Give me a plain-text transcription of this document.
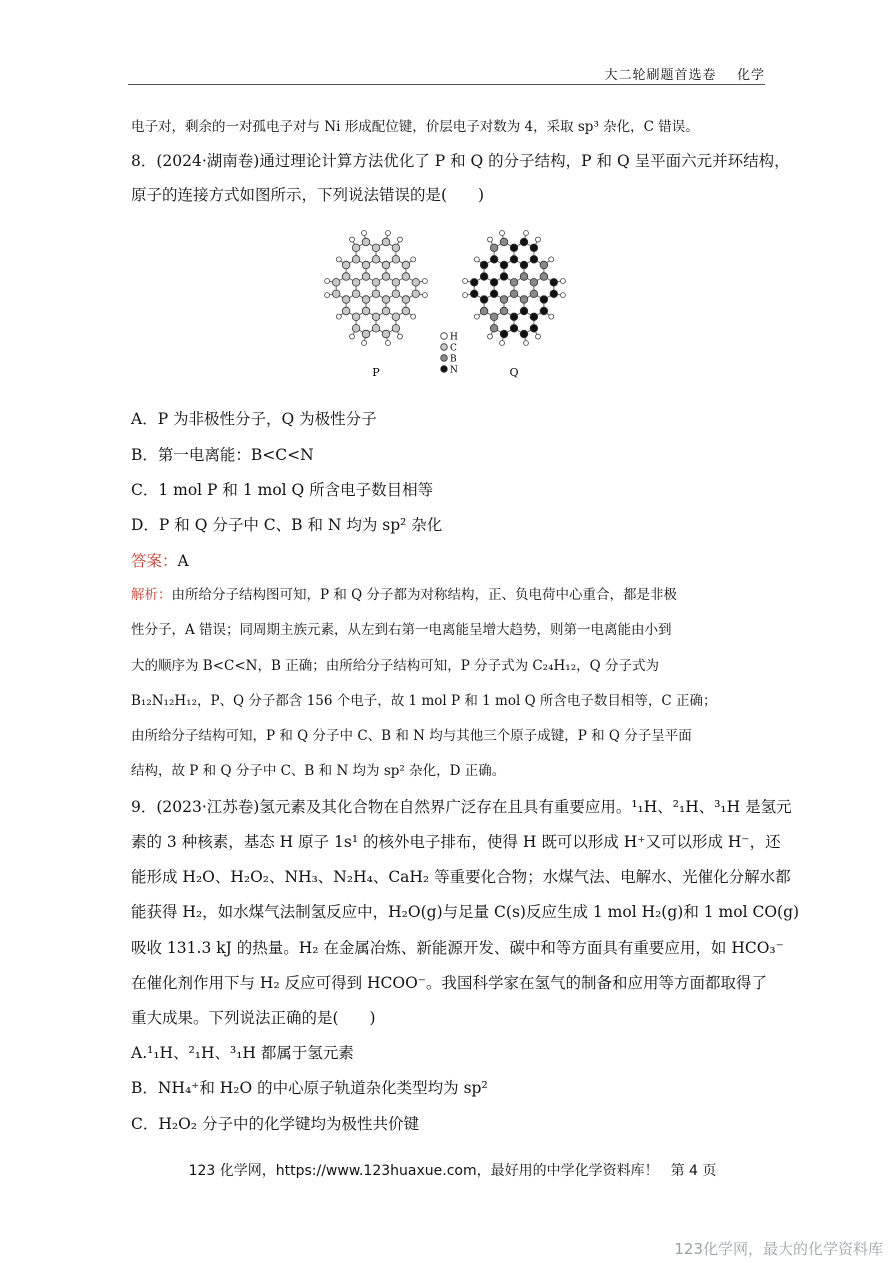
大二轮刷题首选卷 化学
电子对，剩余的一对孤电子对与 Ni 形成配位键，价层电子对数为 4，采取 sp³ 杂化，C 错误。
8．(2024·湖南卷)通过理论计算方法优化了 P 和 Q 的分子结构，P 和 Q 呈平面六元并环结构，
原子的连接方式如图所示，下列说法错误的是(　　)
P	Q
H
C
B
N
A．P 为非极性分子，Q 为极性分子
B．第一电离能：B<C<N
C．1 mol P 和 1 mol Q 所含电子数目相等
D．P 和 Q 分子中 C、B 和 N 均为 sp² 杂化
答案：A
解析：由所给分子结构图可知，P 和 Q 分子都为对称结构，正、负电荷中心重合，都是非极
性分子，A 错误；同周期主族元素，从左到右第一电离能呈增大趋势，则第一电离能由小到
大的顺序为 B<C<N，B 正确；由所给分子结构可知，P 分子式为 C₂₄H₁₂，Q 分子式为
B₁₂N₁₂H₁₂，P、Q 分子都含 156 个电子，故 1 mol P 和 1 mol Q 所含电子数目相等，C 正确；
由所给分子结构可知，P 和 Q 分子中 C、B 和 N 均与其他三个原子成键，P 和 Q 分子呈平面
结构，故 P 和 Q 分子中 C、B 和 N 均为 sp² 杂化，D 正确。
9．(2023·江苏卷)氢元素及其化合物在自然界广泛存在且具有重要应用。¹₁H、²₁H、³₁H 是氢元
素的 3 种核素，基态 H 原子 1s¹ 的核外电子排布，使得 H 既可以形成 H⁺又可以形成 H⁻，还
能形成 H₂O、H₂O₂、NH₃、N₂H₄、CaH₂ 等重要化合物；水煤气法、电解水、光催化分解水都
能获得 H₂，如水煤气法制氢反应中，H₂O(g)与足量 C(s)反应生成 1 mol H₂(g)和 1 mol CO(g)
吸收 131.3 kJ 的热量。H₂ 在金属冶炼、新能源开发、碳中和等方面具有重要应用，如 HCO₃⁻
在催化剂作用下与 H₂ 反应可得到 HCOO⁻。我国科学家在氢气的制备和应用等方面都取得了
重大成果。下列说法正确的是(　　)
A.¹₁H、²₁H、³₁H 都属于氢元素
B．NH₄⁺和 H₂O 的中心原子轨道杂化类型均为 sp²
C．H₂O₂ 分子中的化学键均为极性共价键
123 化学网，https://www.123huaxue.com，最好用的中学化学资料库！ 第 4 页
123化学网，最大的化学资料库
